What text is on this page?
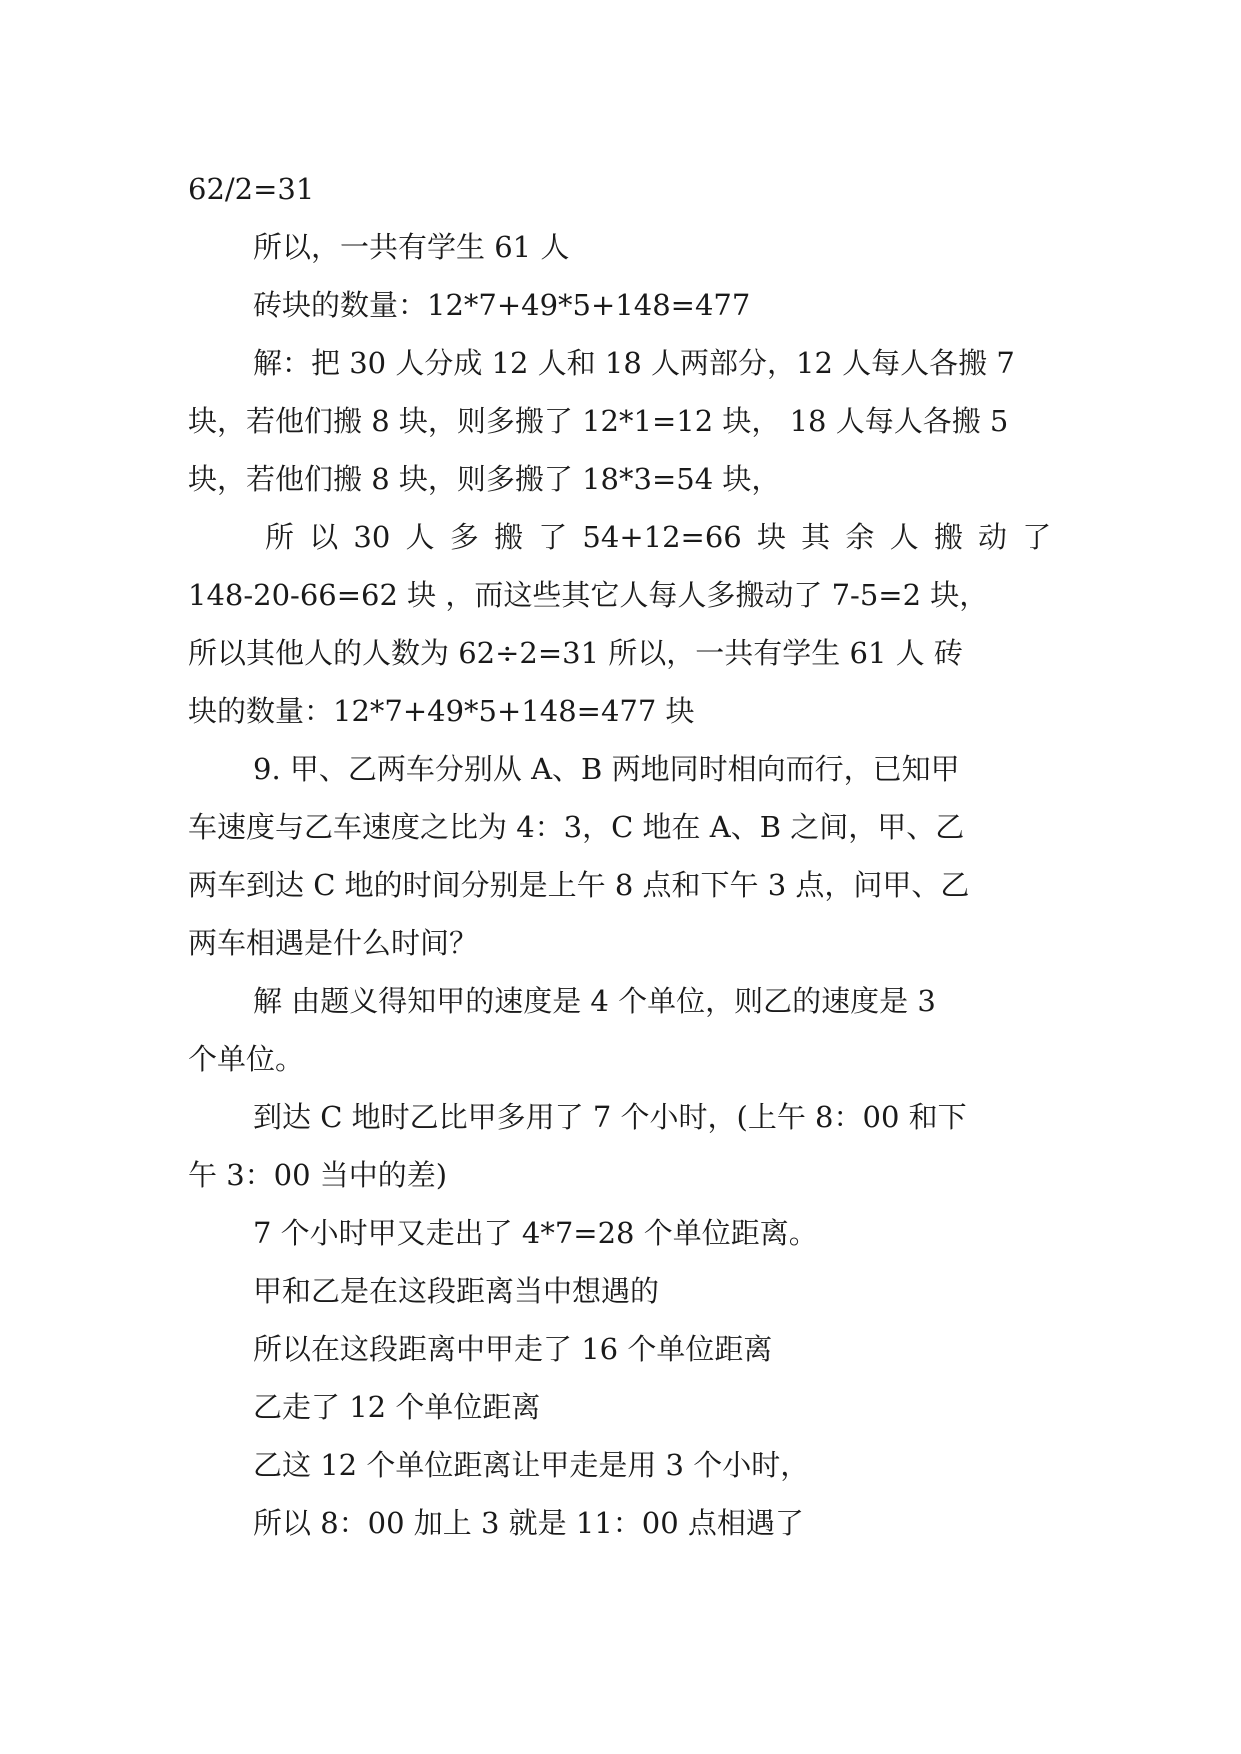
62/2=31

所以，一共有学生 61 人

砖块的数量：12*7+49*5+148=477

解：把 30 人分成 12 人和 18 人两部分，12 人每人各搬 7

块，若他们搬 8 块，则多搬了 12*1=12 块， 18 人每人各搬 5

块，若他们搬 8 块，则多搬了 18*3=54 块，

所 以 30 人 多 搬 了 54+12=66 块 其 余 人 搬 动 了

148-20-66=62 块 ，而这些其它人每人多搬动了 7-5=2 块，

所以其他人的人数为 62÷2=31 所以，一共有学生 61 人 砖

块的数量：12*7+49*5+148=477 块

9. 甲、乙两车分别从 A、B 两地同时相向而行，已知甲

车速度与乙车速度之比为 4：3，C 地在 A、B 之间，甲、乙

两车到达 C 地的时间分别是上午 8 点和下午 3 点，问甲、乙

两车相遇是什么时间？

解 由题义得知甲的速度是 4 个单位，则乙的速度是 3

个单位。

到达 C 地时乙比甲多用了 7 个小时，(上午 8：00 和下

午 3：00 当中的差)

7 个小时甲又走出了 4*7=28 个单位距离。

甲和乙是在这段距离当中想遇的

所以在这段距离中甲走了 16 个单位距离

乙走了 12 个单位距离

乙这 12 个单位距离让甲走是用 3 个小时，

所以 8：00 加上 3 就是 11：00 点相遇了
